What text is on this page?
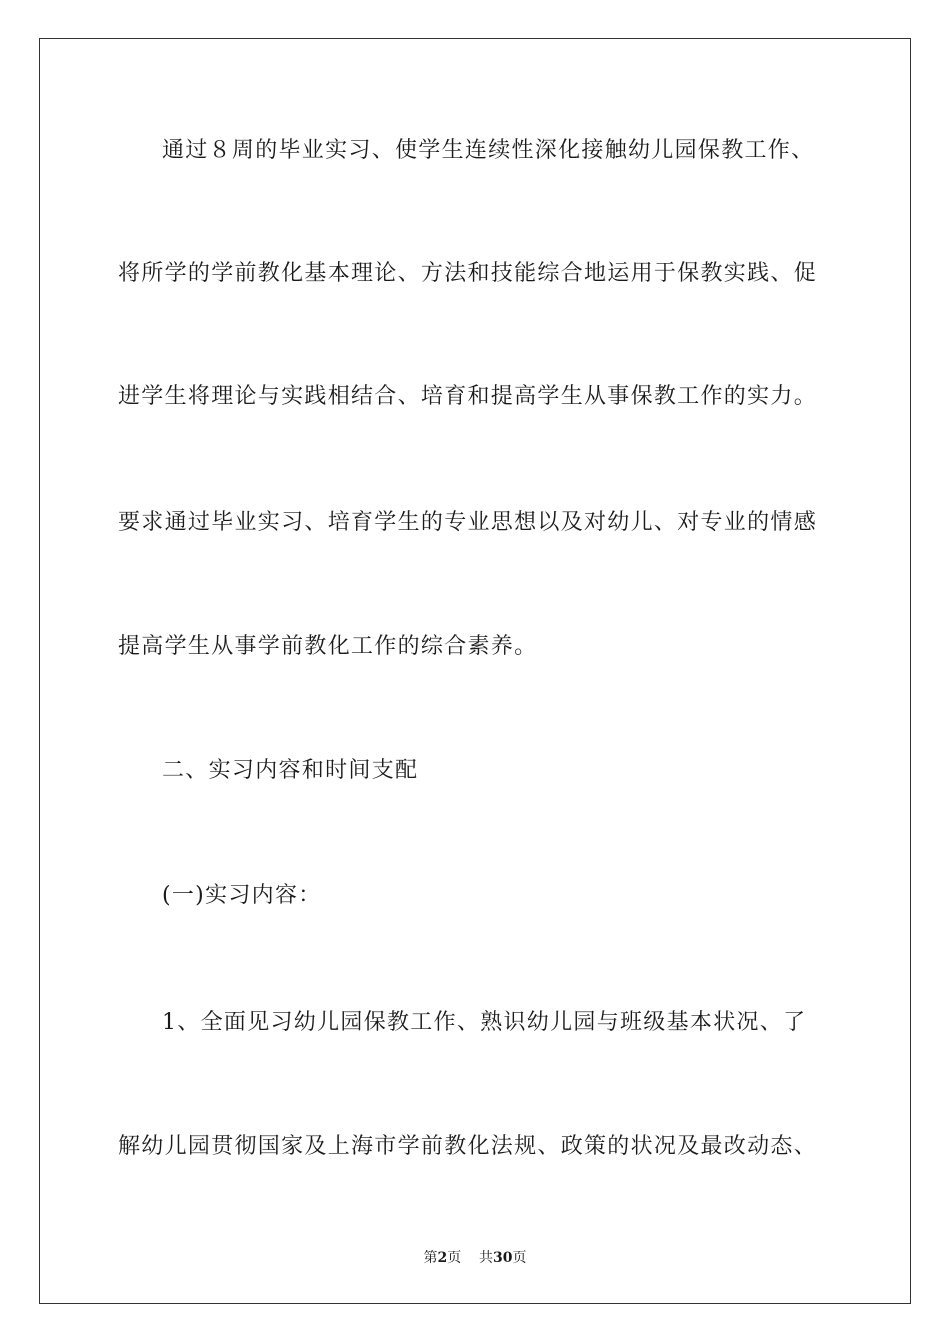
通过８周的毕业实习、使学生连续性深化接触幼儿园保教工作、
将所学的学前教化基本理论、方法和技能综合地运用于保教实践、促
进学生将理论与实践相结合、培育和提高学生从事保教工作的实力。
要求通过毕业实习、培育学生的专业思想以及对幼儿、对专业的情感
提高学生从事学前教化工作的综合素养。
二、实习内容和时间支配
(一)实习内容：
1、全面见习幼儿园保教工作、熟识幼儿园与班级基本状况、了
解幼儿园贯彻国家及上海市学前教化法规、政策的状况及最改动态、
第2页 共30页
